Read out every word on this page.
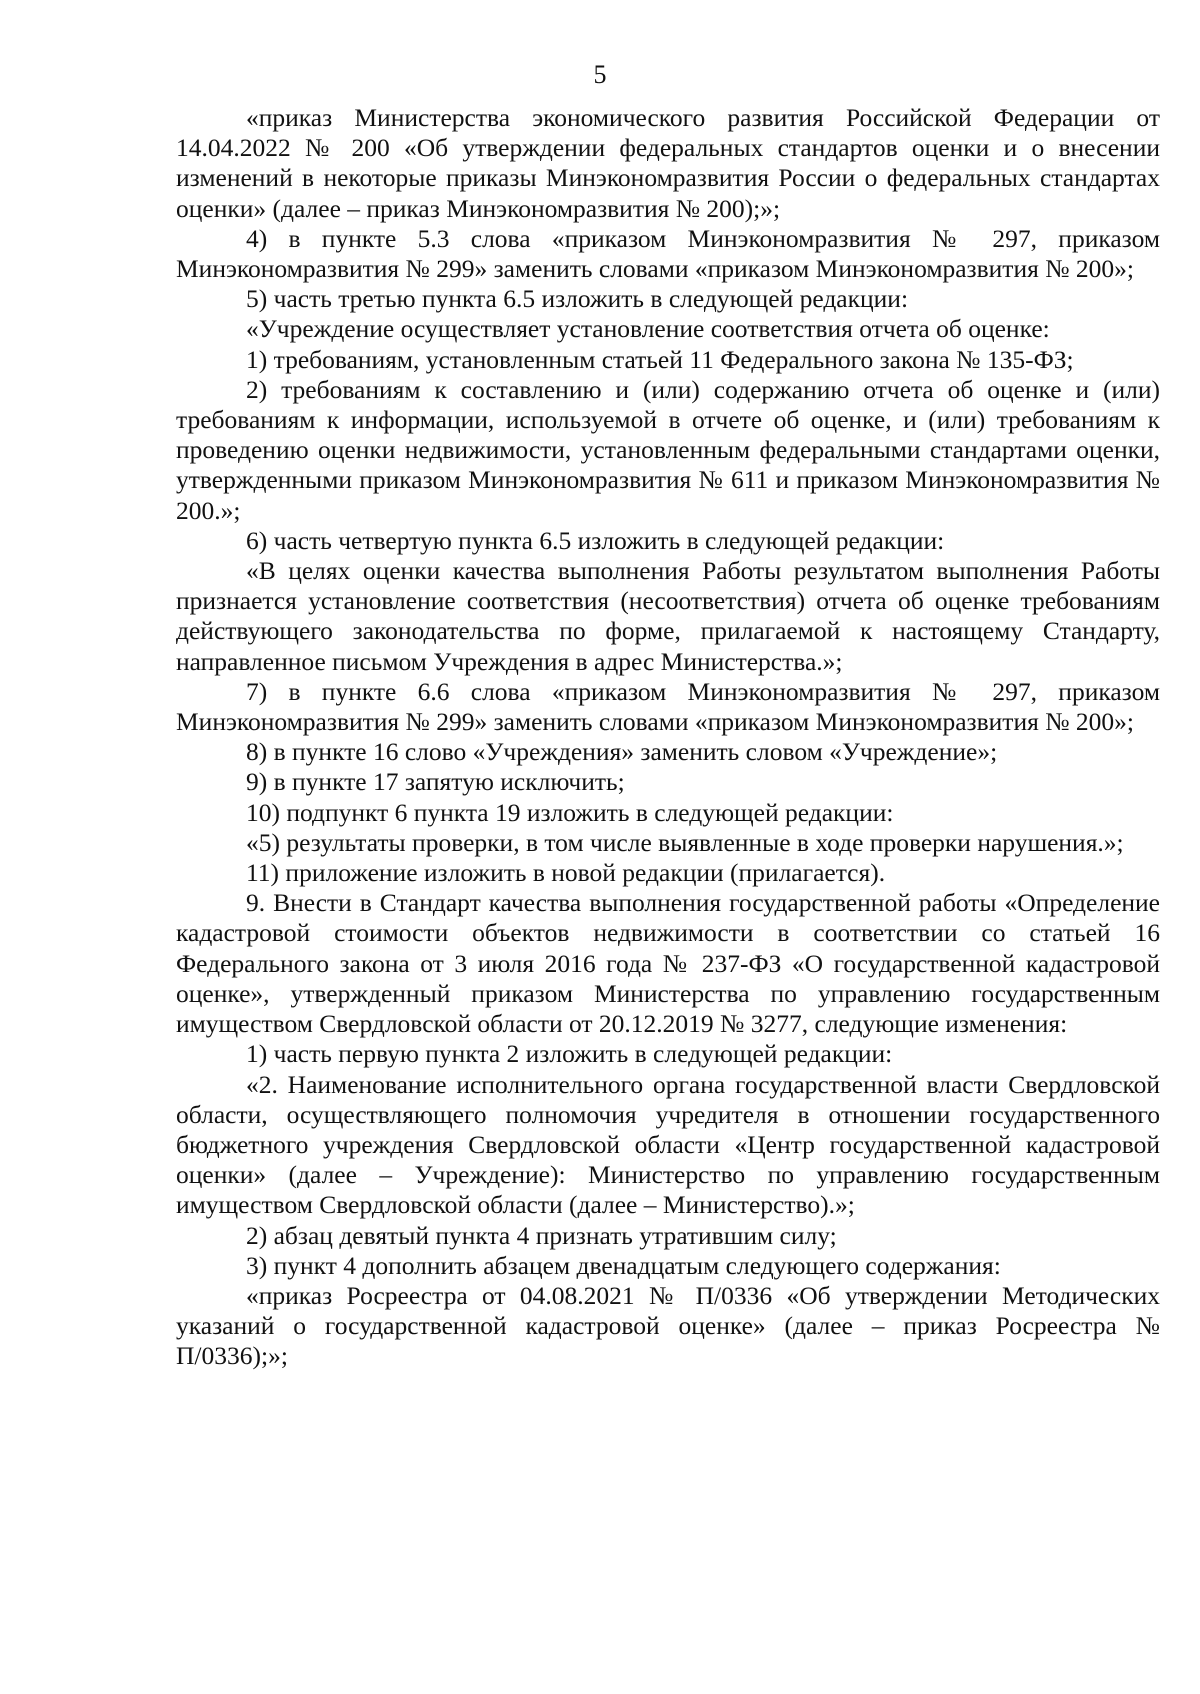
5

«приказ Министерства экономического развития Российской Федерации от 14.04.2022 № 200 «Об утверждении федеральных стандартов оценки и о внесении изменений в некоторые приказы Минэкономразвития России о федеральных стандартах оценки» (далее – приказ Минэкономразвития № 200);»;

4) в пункте 5.3 слова «приказом Минэкономразвития № 297, приказом Минэкономразвития № 299» заменить словами «приказом Минэкономразвития № 200»;

5) часть третью пункта 6.5 изложить в следующей редакции:

«Учреждение осуществляет установление соответствия отчета об оценке:

1) требованиям, установленным статьей 11 Федерального закона № 135-ФЗ;

2) требованиям к составлению и (или) содержанию отчета об оценке и (или) требованиям к информации, используемой в отчете об оценке, и (или) требованиям к проведению оценки недвижимости, установленным федеральными стандартами оценки, утвержденными приказом Минэкономразвития № 611 и приказом Минэкономразвития № 200.»;

6) часть четвертую пункта 6.5 изложить в следующей редакции:

«В целях оценки качества выполнения Работы результатом выполнения Работы признается установление соответствия (несоответствия) отчета об оценке требованиям действующего законодательства по форме, прилагаемой к настоящему Стандарту, направленное письмом Учреждения в адрес Министерства.»;

7) в пункте 6.6 слова «приказом Минэкономразвития № 297, приказом Минэкономразвития № 299» заменить словами «приказом Минэкономразвития № 200»;

8) в пункте 16 слово «Учреждения» заменить словом «Учреждение»;

9) в пункте 17 запятую исключить;

10) подпункт 6 пункта 19 изложить в следующей редакции:

«5) результаты проверки, в том числе выявленные в ходе проверки нарушения.»;

11) приложение изложить в новой редакции (прилагается).

9. Внести в Стандарт качества выполнения государственной работы «Определение кадастровой стоимости объектов недвижимости в соответствии со статьей 16 Федерального закона от 3 июля 2016 года № 237-ФЗ «О государственной кадастровой оценке», утвержденный приказом Министерства по управлению государственным имуществом Свердловской области от 20.12.2019 № 3277, следующие изменения:

1) часть первую пункта 2 изложить в следующей редакции:

«2. Наименование исполнительного органа государственной власти Свердловской области, осуществляющего полномочия учредителя в отношении государственного бюджетного учреждения Свердловской области «Центр государственной кадастровой оценки» (далее – Учреждение): Министерство по управлению государственным имуществом Свердловской области (далее – Министерство).»;

2) абзац девятый пункта 4 признать утратившим силу;

3) пункт 4 дополнить абзацем двенадцатым следующего содержания:

«приказ Росреестра от 04.08.2021 № П/0336 «Об утверждении Методических указаний о государственной кадастровой оценке» (далее – приказ Росреестра № П/0336);»;
